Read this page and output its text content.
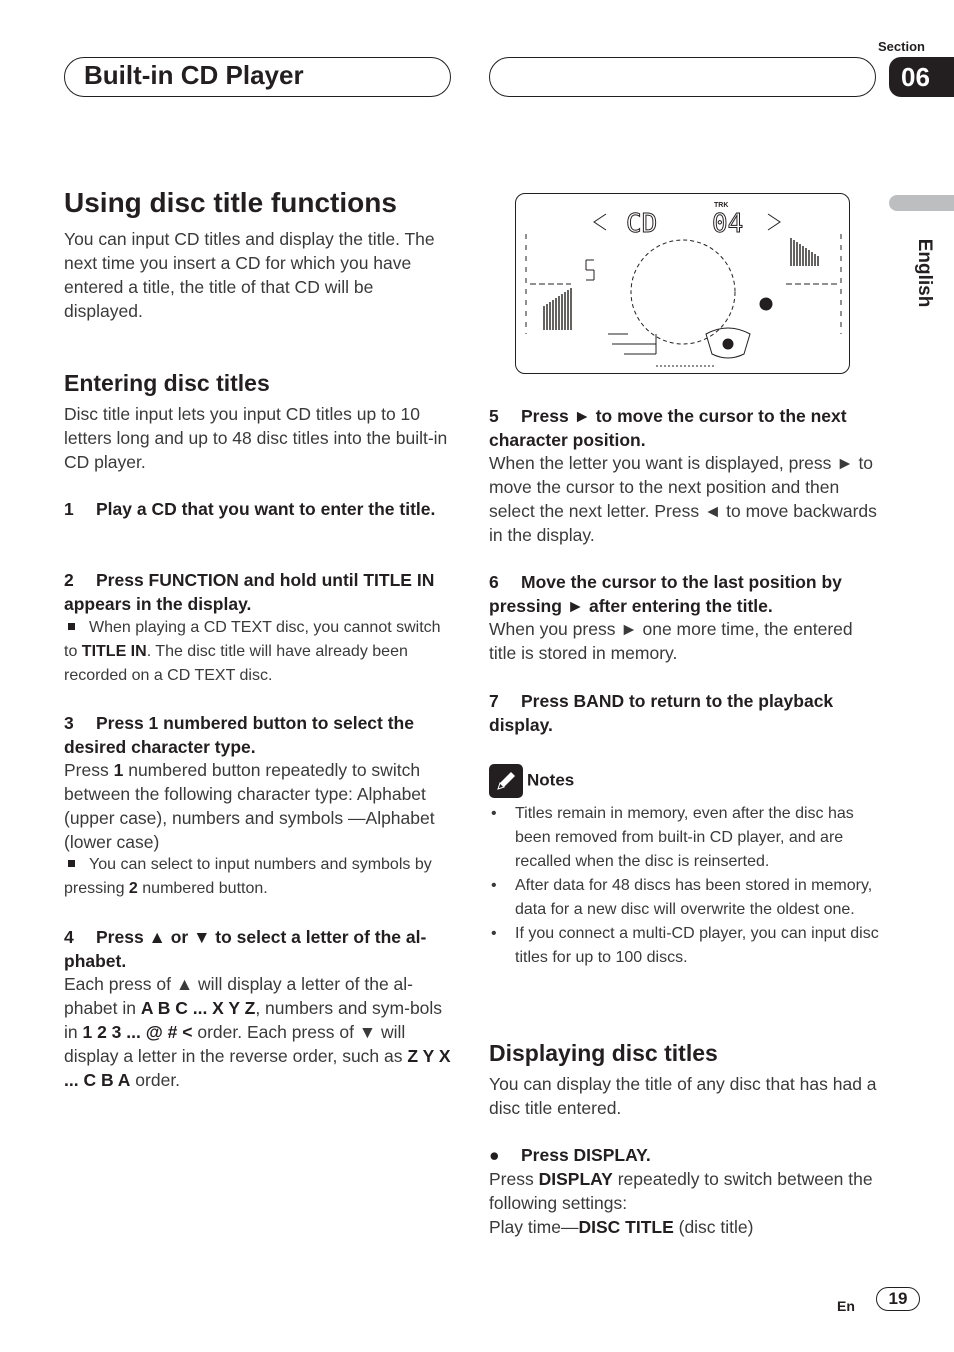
Built-in CD Player
Section
06
English
Using disc title functions
You can input CD titles and display the title. The next time you insert a CD for which you have entered a title, the title of that CD will be displayed.
Entering disc titles
Disc title input lets you input CD titles up to 10 letters long and up to 48 disc titles into the built-in CD player.
1 Play a CD that you want to enter the title.
2 Press FUNCTION and hold until TITLE IN appears in the display.
When playing a CD TEXT disc, you cannot switch to TITLE IN. The disc title will have already been recorded on a CD TEXT disc.
3 Press 1 numbered button to select the desired character type.
Press 1 numbered button repeatedly to switch between the following character type: Alphabet (upper case), numbers and symbols —Alphabet (lower case)
You can select to input numbers and symbols by pressing 2 numbered button.
4 Press ▲ or ▼ to select a letter of the al-phabet.
Each press of ▲ will display a letter of the al-phabet in A B C ... X Y Z, numbers and sym-bols in 1 2 3 ... @ # < order. Each press of ▼ will display a letter in the reverse order, such as Z Y X ... C B A order.
CD 04
TRK
5 Press ► to move the cursor to the next character position.
When the letter you want is displayed, press ► to move the cursor to the next position and then select the next letter. Press ◄ to move backwards in the display.
6 Move the cursor to the last position by pressing ► after entering the title.
When you press ► one more time, the entered title is stored in memory.
7 Press BAND to return to the playback display.
Notes
• Titles remain in memory, even after the disc has been removed from built-in CD player, and are recalled when the disc is reinserted.
• After data for 48 discs has been stored in memory, data for a new disc will overwrite the oldest one.
• If you connect a multi-CD player, you can input disc titles for up to 100 discs.
Displaying disc titles
You can display the title of any disc that has had a disc title entered.
● Press DISPLAY.
Press DISPLAY repeatedly to switch between the following settings:
Play time—DISC TITLE (disc title)
En	19
